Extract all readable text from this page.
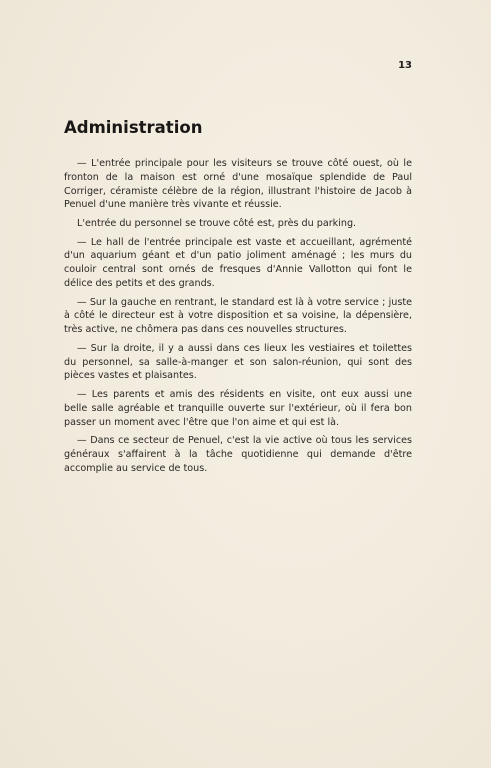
13
Administration

— L'entrée principale pour les visiteurs se trouve côté ouest, où le fronton de la maison est orné d'une mosaïque splendide de Paul Corriger, céramiste célèbre de la région, illustrant l'histoire de Jacob à Penuel d'une manière très vivante et réussie.

L'entrée du personnel se trouve côté est, près du parking.

— Le hall de l'entrée principale est vaste et accueillant, agrémenté d'un aquarium géant et d'un patio joliment aménagé ; les murs du couloir central sont ornés de fresques d'Annie Vallotton qui font le délice des petits et des grands.

— Sur la gauche en rentrant, le standard est là à votre service ; juste à côté le directeur est à votre disposition et sa voisine, la dépensière, très active, ne chômera pas dans ces nouvelles structures.

— Sur la droite, il y a aussi dans ces lieux les vestiaires et toilettes du personnel, sa salle-à-manger et son salon-réunion, qui sont des pièces vastes et plaisantes.

— Les parents et amis des résidents en visite, ont eux aussi une belle salle agréable et tranquille ouverte sur l'extérieur, où il fera bon passer un moment avec l'être que l'on aime et qui est là.

— Dans ce secteur de Penuel, c'est la vie active où tous les services généraux s'affairent à la tâche quotidienne qui demande d'être accomplie au service de tous.
